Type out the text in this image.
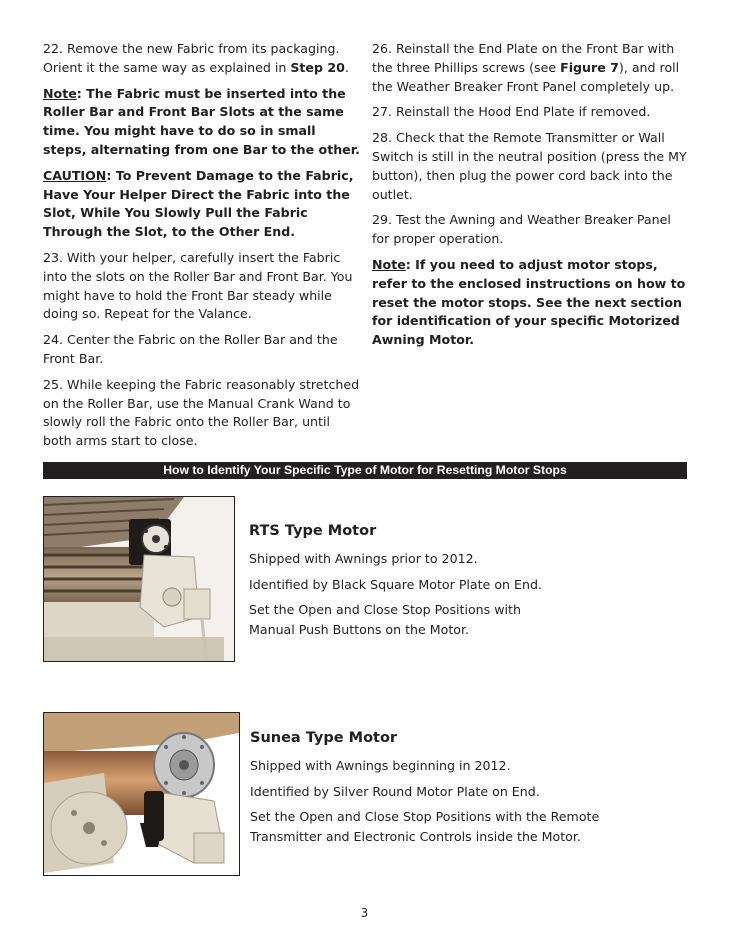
22. Remove the new Fabric from its packaging. Orient it the same way as explained in Step 20.

Note: The Fabric must be inserted into the Roller Bar and Front Bar Slots at the same time. You might have to do so in small steps, alternating from one Bar to the other.

CAUTION: To Prevent Damage to the Fabric, Have Your Helper Direct the Fabric into the Slot, While You Slowly Pull the Fabric Through the Slot, to the Other End.

23. With your helper, carefully insert the Fabric into the slots on the Roller Bar and Front Bar. You might have to hold the Front Bar steady while doing so. Repeat for the Valance.

24. Center the Fabric on the Roller Bar and the Front Bar.

25. While keeping the Fabric reasonably stretched on the Roller Bar, use the Manual Crank Wand to slowly roll the Fabric onto the Roller Bar, until both arms start to close.

26. Reinstall the End Plate on the Front Bar with the three Phillips screws (see Figure 7), and roll the Weather Breaker Front Panel completely up.

27. Reinstall the Hood End Plate if removed.

28. Check that the Remote Transmitter or Wall Switch is still in the neutral position (press the MY button), then plug the power cord back into the outlet.

29. Test the Awning and Weather Breaker Panel for proper operation.

Note: If you need to adjust motor stops, refer to the enclosed instructions on how to reset the motor stops. See the next section for identification of your specific Motorized Awning Motor.

How to Identify Your Specific Type of Motor for Resetting Motor Stops
RTS Type Motor

Shipped with Awnings prior to 2012.

Identified by Black Square Motor Plate on End.

Set the Open and Close Stop Positions with Manual Push Buttons on the Motor.

Sunea Type Motor

Shipped with Awnings beginning in 2012.

Identified by Silver Round Motor Plate on End.

Set the Open and Close Stop Positions with the Remote Transmitter and Electronic Controls inside the Motor.

3
